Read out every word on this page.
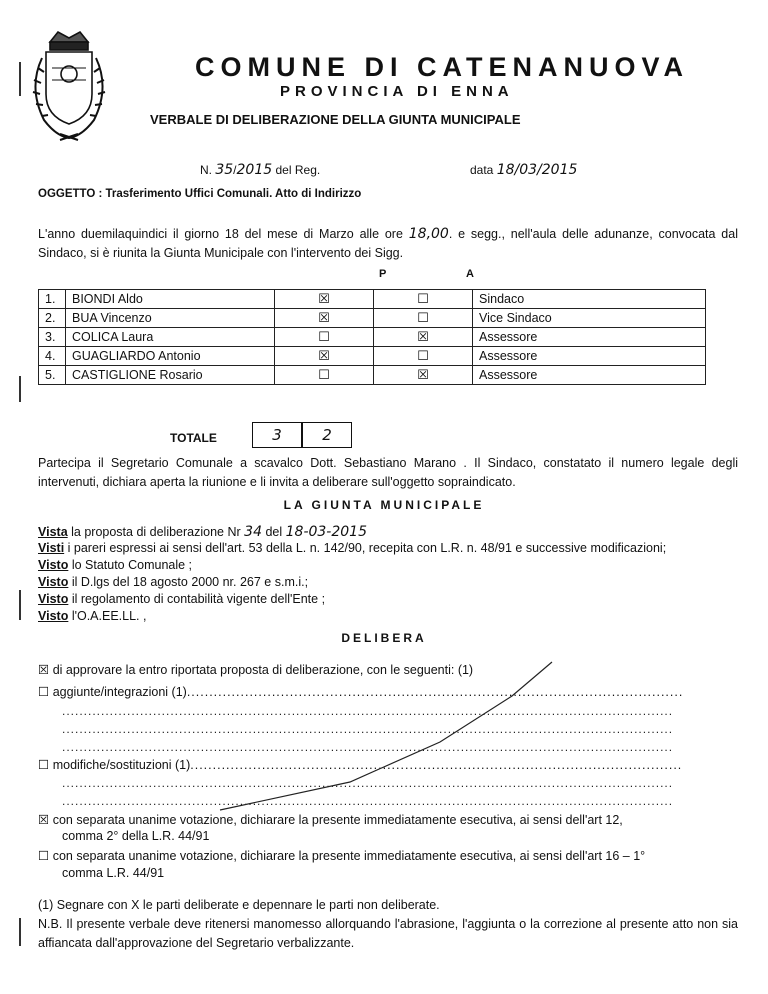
COMUNE DI CATENANUOVA
PROVINCIA DI ENNA
VERBALE DI DELIBERAZIONE DELLA GIUNTA MUNICIPALE
N. 35/2015 del Reg.	data 18/03/2015
OGGETTO : Trasferimento Uffici Comunali. Atto di Indirizzo
L'anno duemilaquindici il giorno 18 del mese di Marzo alle ore 18,00. e segg., nell'aula delle adunanze, convocata dal Sindaco, si è riunita la Giunta Municipale con l'intervento dei Sigg.
P	A
1.	BIONDI Aldo	☒	☐	Sindaco
2.	BUA Vincenzo	☒	☐	Vice Sindaco
3.	COLICA Laura	☐	☒	Assessore
4.	GUAGLIARDO Antonio	☒	☐	Assessore
5.	CASTIGLIONE Rosario	☐	☒	Assessore
TOTALE	3	2
Partecipa il Segretario Comunale a scavalco Dott. Sebastiano Marano . Il Sindaco, constatato il numero legale degli intervenuti, dichiara aperta la riunione e li invita a deliberare sull'oggetto sopraindicato.
LA GIUNTA MUNICIPALE
Vista la proposta di deliberazione Nr 34 del 18-03-2015
Visti i pareri espressi ai sensi dell'art. 53 della L. n. 142/90, recepita con L.R. n. 48/91 e successive modificazioni;
Visto lo Statuto Comunale ;
Visto il D.lgs del 18 agosto 2000 nr. 267 e s.m.i.;
Visto il regolamento di contabilità vigente dell'Ente ;
Visto l'O.A.EE.LL. ,
DELIBERA
☒ di approvare la entro riportata proposta di deliberazione, con le seguenti: (1)
☐ aggiunte/integrazioni (1)...............................................................................................................
.............................................................................................................................................
.............................................................................................................................................
.............................................................................................................................................
☐ modifiche/sostituzioni (1)..............................................................................................................
.............................................................................................................................................
.............................................................................................................................................
☒ con separata unanime votazione, dichiarare la presente immediatamente esecutiva, ai sensi dell'art 12,
comma 2° della L.R. 44/91
☐ con separata unanime votazione, dichiarare la presente immediatamente esecutiva, ai sensi dell'art 16 – 1°
comma L.R. 44/91
(1) Segnare con X le parti deliberate e depennare le parti non deliberate.
N.B. Il presente verbale deve ritenersi manomesso allorquando l'abrasione, l'aggiunta o la correzione al presente atto non sia affiancata dall'approvazione del Segretario verbalizzante.
